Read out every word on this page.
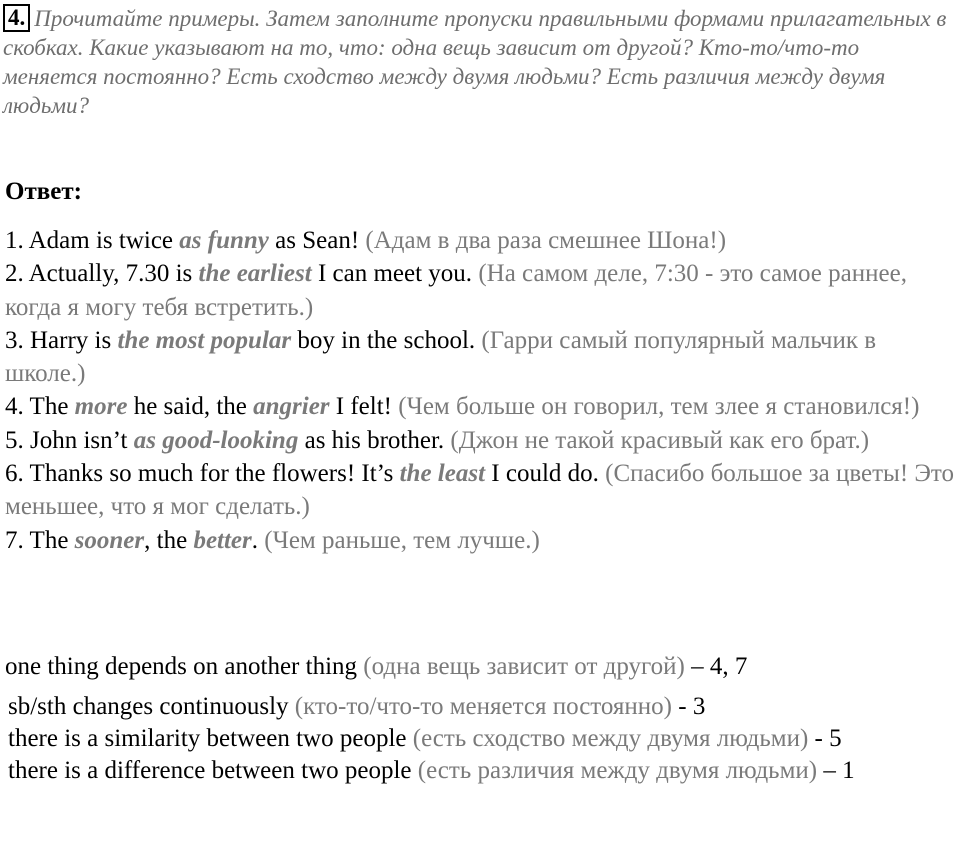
4. Прочитайте примеры. Затем заполните пропуски правильными формами прилагательных в скобках. Какие указывают на то, что: одна вещь зависит от другой? Кто-то/что-то меняется постоянно? Есть сходство между двумя людьми? Есть различия между двумя людьми?
Ответ:
1. Adam is twice as funny as Sean! (Адам в два раза смешнее Шона!)
2. Actually, 7.30 is the earliest I can meet you. (На самом деле, 7:30 - это самое раннее, когда я могу тебя встретить.)
3. Harry is the most popular boy in the school. (Гарри самый популярный мальчик в школе.)
4. The more he said, the angrier I felt! (Чем больше он говорил, тем злее я становился!)
5. John isn’t as good-looking as his brother. (Джон не такой красивый как его брат.)
6. Thanks so much for the flowers! It’s the least I could do. (Спасибо большое за цветы! Это меньшее, что я мог сделать.)
7. The sooner, the better. (Чем раньше, тем лучше.)
one thing depends on another thing (одна вещь зависит от другой) – 4, 7
sb/sth changes continuously (кто-то/что-то меняется постоянно) - 3
there is a similarity between two people (есть сходство между двумя людьми) - 5
there is a difference between two people (есть различия между двумя людьми) – 1
